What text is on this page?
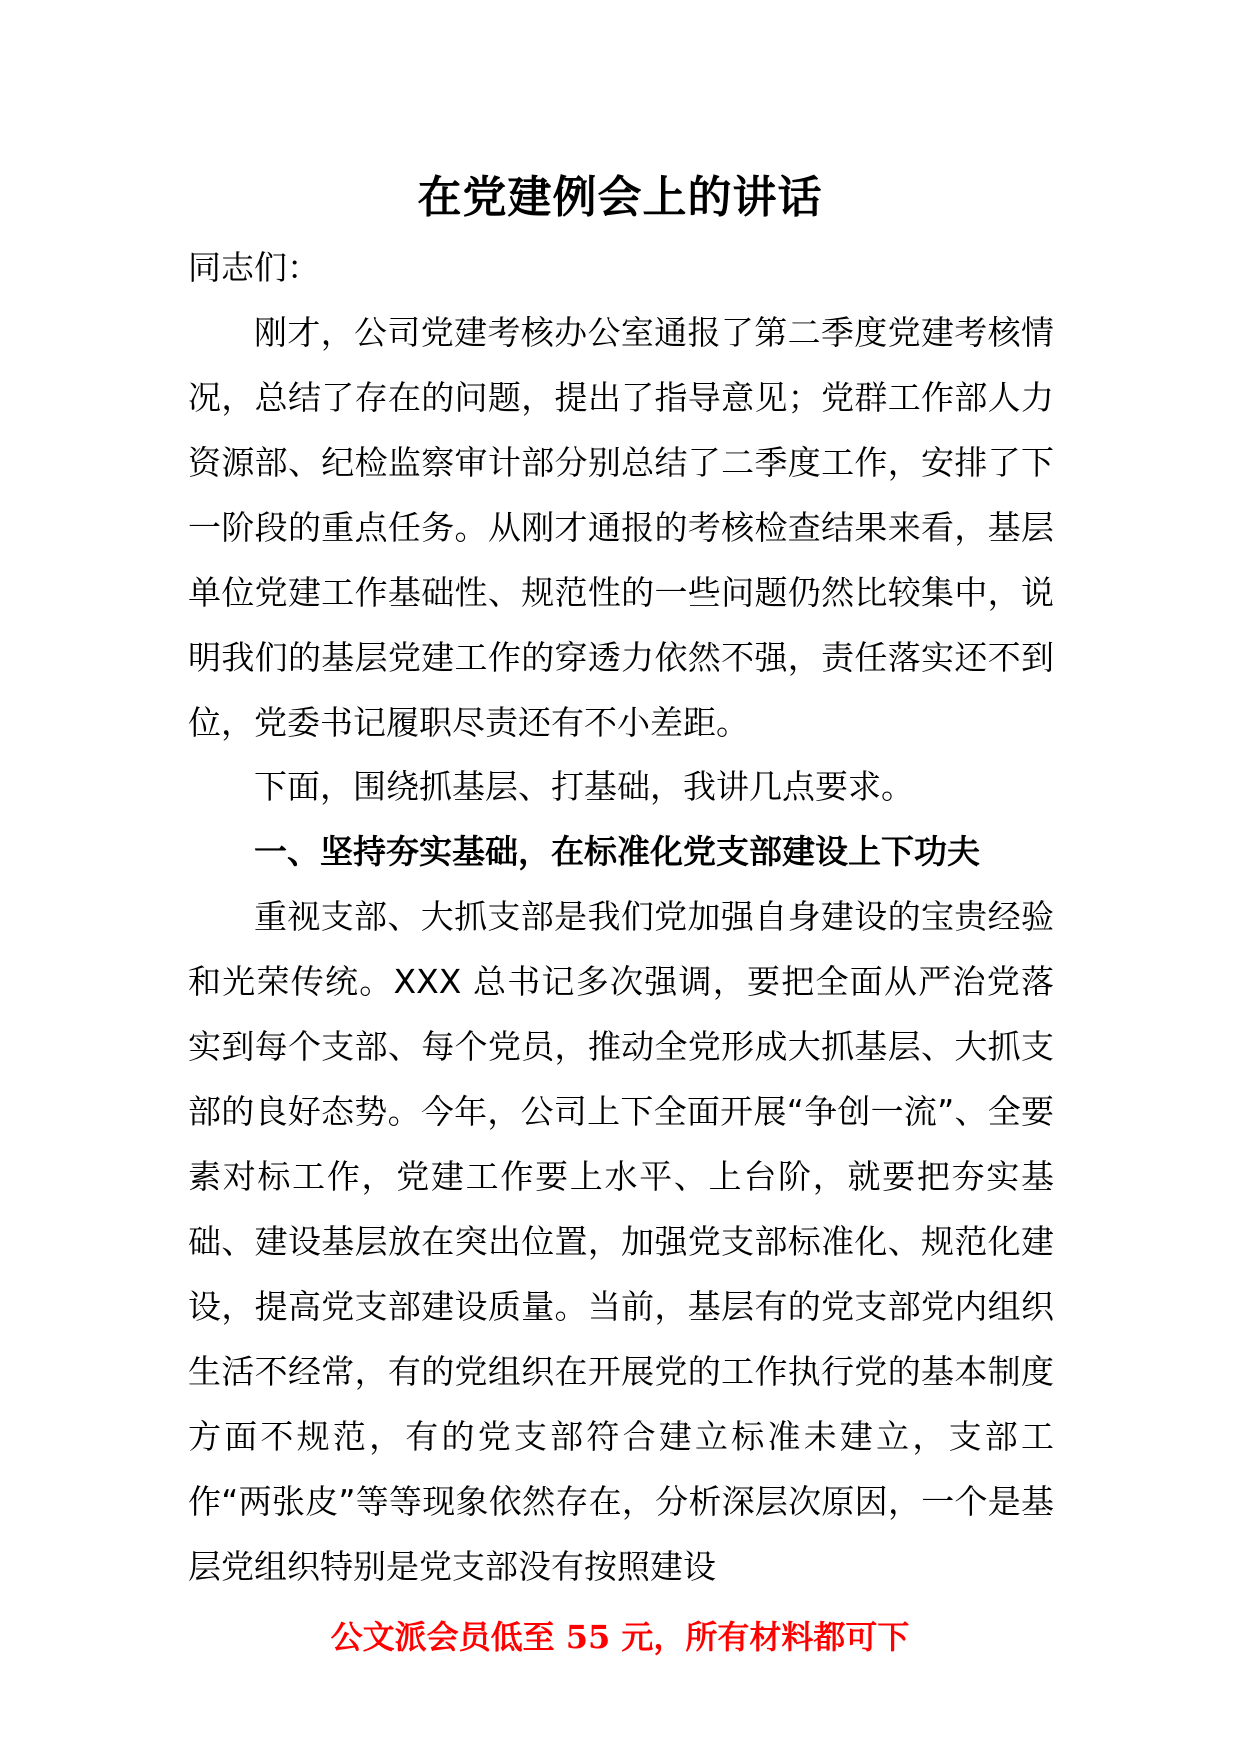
在党建例会上的讲话
同志们：
刚才，公司党建考核办公室通报了第二季度党建考核情况，总结了存在的问题，提出了指导意见；党群工作部人力资源部、纪检监察审计部分别总结了二季度工作，安排了下一阶段的重点任务。从刚才通报的考核检查结果来看，基层单位党建工作基础性、规范性的一些问题仍然比较集中，说明我们的基层党建工作的穿透力依然不强，责任落实还不到位，党委书记履职尽责还有不小差距。
下面，围绕抓基层、打基础，我讲几点要求。
一、坚持夯实基础，在标准化党支部建设上下功夫
重视支部、大抓支部是我们党加强自身建设的宝贵经验和光荣传统。XXX 总书记多次强调，要把全面从严治党落实到每个支部、每个党员，推动全党形成大抓基层、大抓支部的良好态势。今年，公司上下全面开展“争创一流”、全要素对标工作，党建工作要上水平、上台阶，就要把夯实基础、建设基层放在突出位置，加强党支部标准化、规范化建设，提高党支部建设质量。当前，基层有的党支部党内组织生活不经常，有的党组织在开展党的工作执行党的基本制度方面不规范，有的党支部符合建立标准未建立，支部工作“两张皮”等等现象依然存在，分析深层次原因，一个是基层党组织特别是党支部没有按照建设
公文派会员低至 55 元，所有材料都可下
